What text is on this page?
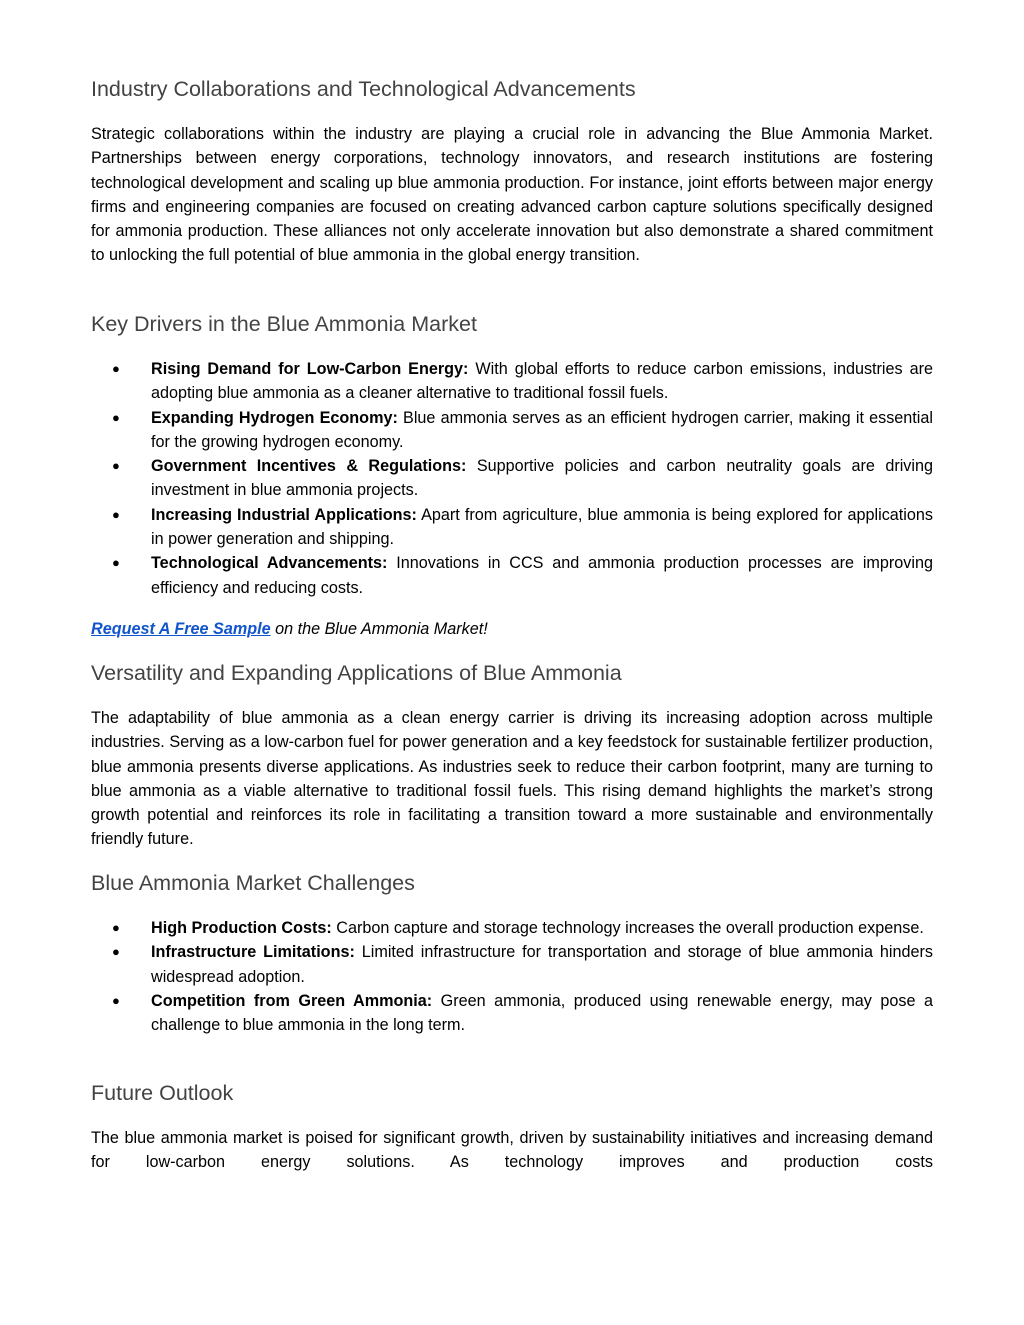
Industry Collaborations and Technological Advancements

Strategic collaborations within the industry are playing a crucial role in advancing the Blue Ammonia Market. Partnerships between energy corporations, technology innovators, and research institutions are fostering technological development and scaling up blue ammonia production. For instance, joint efforts between major energy firms and engineering companies are focused on creating advanced carbon capture solutions specifically designed for ammonia production. These alliances not only accelerate innovation but also demonstrate a shared commitment to unlocking the full potential of blue ammonia in the global energy transition.

Key Drivers in the Blue Ammonia Market
● Rising Demand for Low-Carbon Energy: With global efforts to reduce carbon emissions, industries are adopting blue ammonia as a cleaner alternative to traditional fossil fuels.
● Expanding Hydrogen Economy: Blue ammonia serves as an efficient hydrogen carrier, making it essential for the growing hydrogen economy.
● Government Incentives & Regulations: Supportive policies and carbon neutrality goals are driving investment in blue ammonia projects.
● Increasing Industrial Applications: Apart from agriculture, blue ammonia is being explored for applications in power generation and shipping.
● Technological Advancements: Innovations in CCS and ammonia production processes are improving efficiency and reducing costs.

Request A Free Sample on the Blue Ammonia Market!

Versatility and Expanding Applications of Blue Ammonia

The adaptability of blue ammonia as a clean energy carrier is driving its increasing adoption across multiple industries. Serving as a low-carbon fuel for power generation and a key feedstock for sustainable fertilizer production, blue ammonia presents diverse applications. As industries seek to reduce their carbon footprint, many are turning to blue ammonia as a viable alternative to traditional fossil fuels. This rising demand highlights the market’s strong growth potential and reinforces its role in facilitating a transition toward a more sustainable and environmentally friendly future.

Blue Ammonia Market Challenges
● High Production Costs: Carbon capture and storage technology increases the overall production expense.
● Infrastructure Limitations: Limited infrastructure for transportation and storage of blue ammonia hinders widespread adoption.
● Competition from Green Ammonia: Green ammonia, produced using renewable energy, may pose a challenge to blue ammonia in the long term.
Future Outlook

The blue ammonia market is poised for significant growth, driven by sustainability initiatives and increasing demand for low-carbon energy solutions. As technology improves and production costs
